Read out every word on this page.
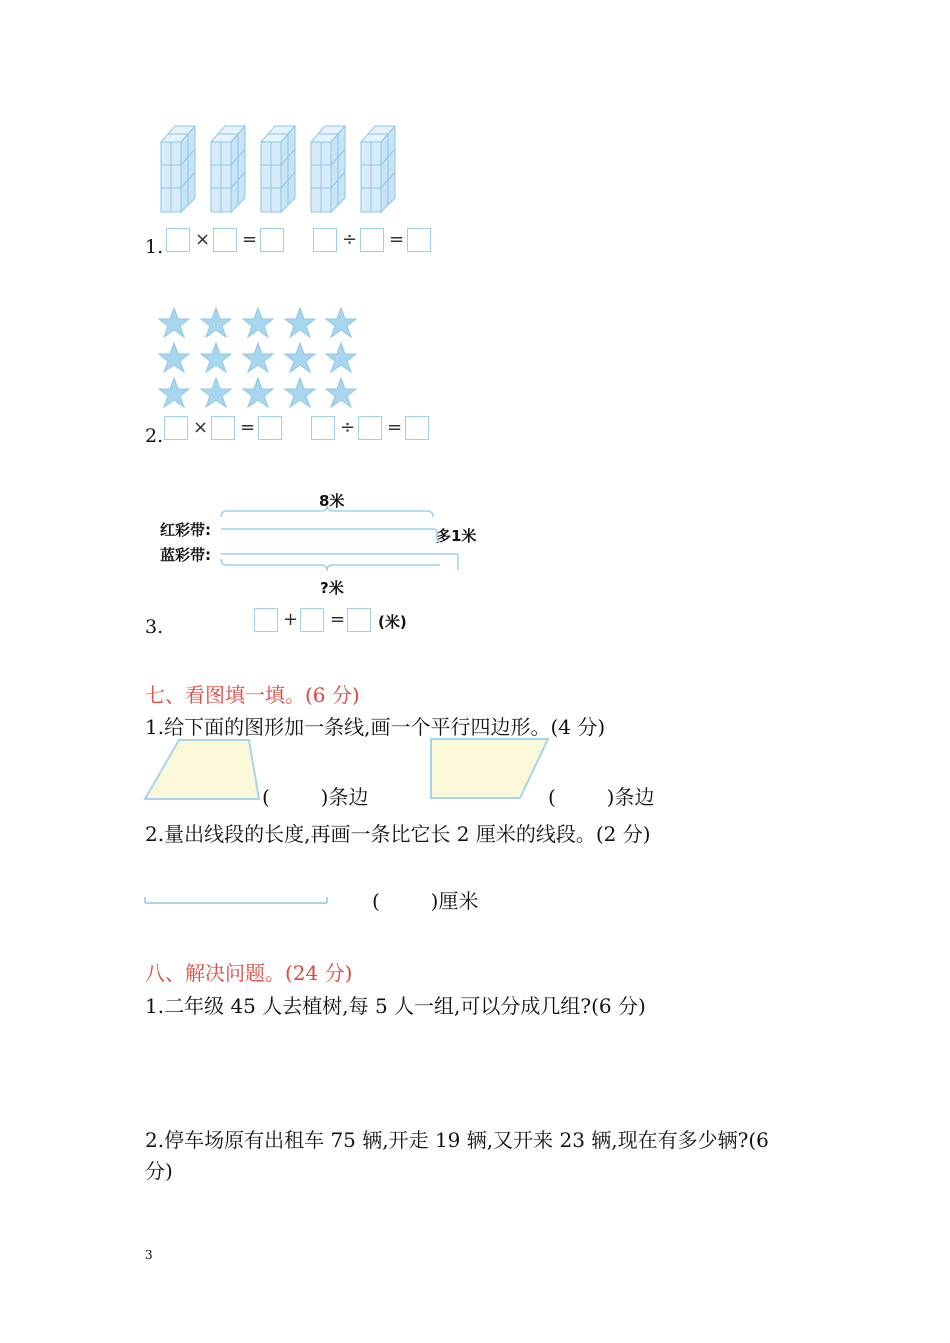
1. × =	÷ =
2. × =	÷ =
8米
红彩带:
蓝彩带:
多1米
?米
3.	+ = (米)
七、看图填一填。(6 分)
1.给下面的图形加一条线,画一个平行四边形。(4 分)
(        )条边	(        )条边
2.量出线段的长度,再画一条比它长 2 厘米的线段。(2 分)
(        )厘米
八、解决问题。(24 分)
1.二年级 45 人去植树,每 5 人一组,可以分成几组?(6 分)
2.停车场原有出租车 75 辆,开走 19 辆,又开来 23 辆,现在有多少辆?(6
分)
3
